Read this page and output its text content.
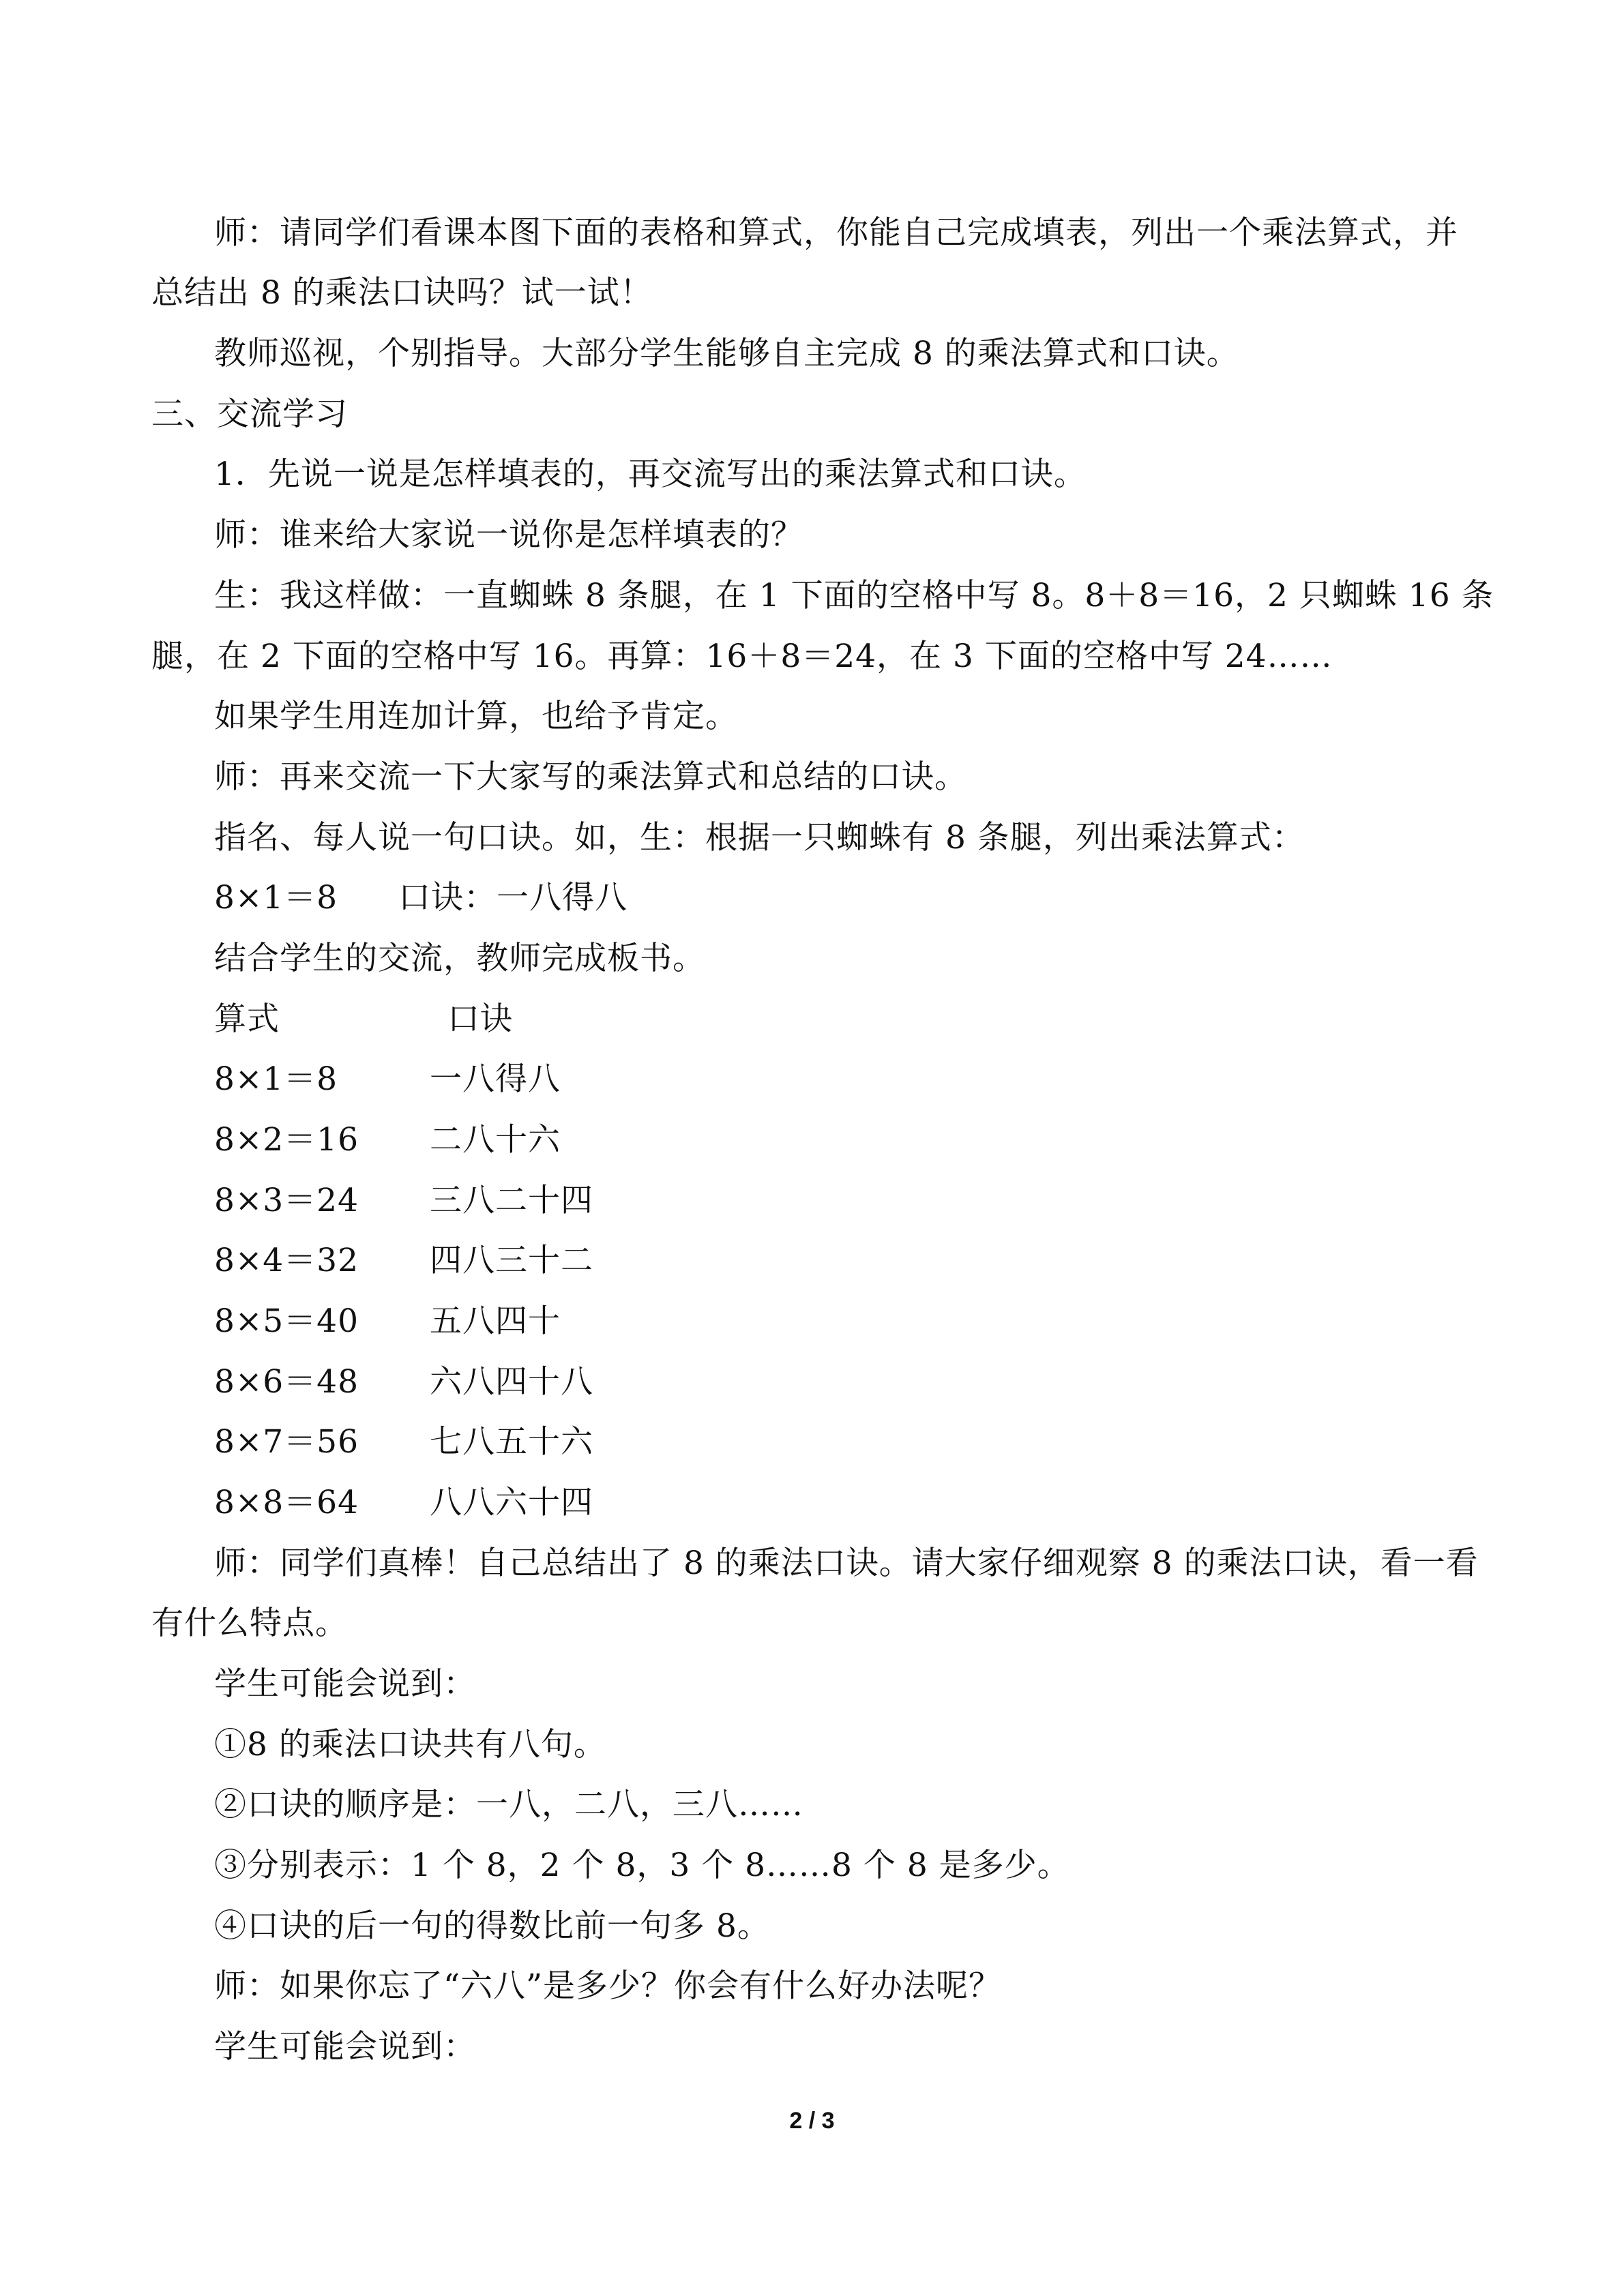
师：请同学们看课本图下面的表格和算式，你能自己完成填表，列出一个乘法算式，并
总结出 8 的乘法口诀吗？试一试！
教师巡视，个别指导。大部分学生能够自主完成 8 的乘法算式和口诀。
三、交流学习
1．先说一说是怎样填表的，再交流写出的乘法算式和口诀。
师：谁来给大家说一说你是怎样填表的？
生：我这样做：一直蜘蛛 8 条腿，在 1 下面的空格中写 8。8＋8＝16，2 只蜘蛛 16 条
腿，在 2 下面的空格中写 16。再算：16＋8＝24，在 3 下面的空格中写 24……
如果学生用连加计算，也给予肯定。
师：再来交流一下大家写的乘法算式和总结的口诀。
指名、每人说一句口诀。如，生：根据一只蜘蛛有 8 条腿，列出乘法算式：
8×1＝8 口诀：一八得八
结合学生的交流，教师完成板书。
算式	口诀
8×1＝8	一八得八
8×2＝16 二八十六
8×3＝24 三八二十四
8×4＝32 四八三十二
8×5＝40 五八四十
8×6＝48 六八四十八
8×7＝56 七八五十六
8×8＝64 八八六十四
师：同学们真棒！自己总结出了 8 的乘法口诀。请大家仔细观察 8 的乘法口诀，看一看
有什么特点。
学生可能会说到：
①8 的乘法口诀共有八句。
②口诀的顺序是：一八，二八，三八……
③分别表示：1 个 8，2 个 8，3 个 8……8 个 8 是多少。
④口诀的后一句的得数比前一句多 8。
师：如果你忘了“六八”是多少？你会有什么好办法呢？
学生可能会说到：
2 / 3
